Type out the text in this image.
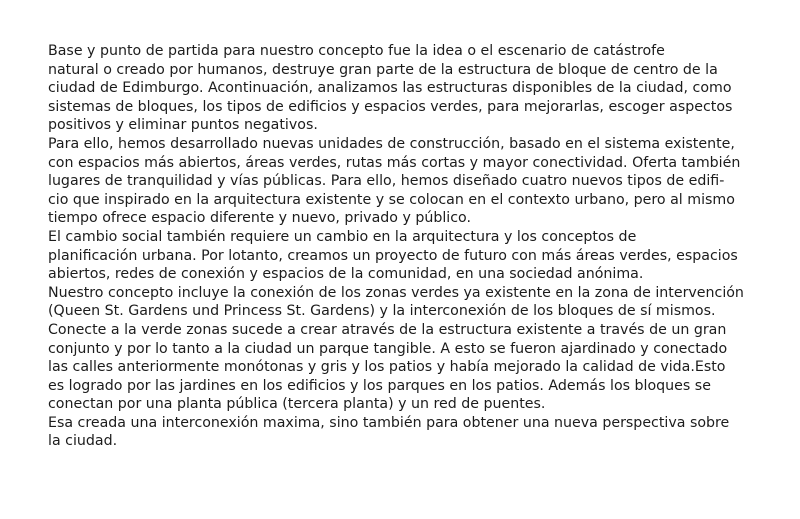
Base y punto de partida para nuestro concepto fue la idea o el escenario de catástrofe
natural o creado por humanos, destruye gran parte de la estructura de bloque de centro de la
ciudad de Edimburgo. Acontinuación, analizamos las estructuras disponibles de la ciudad, como
sistemas de bloques, los tipos de edificios y espacios verdes, para mejorarlas, escoger aspectos
positivos y eliminar puntos negativos.
Para ello, hemos desarrollado nuevas unidades de construcción, basado en el sistema existente,
con espacios más abiertos, áreas verdes, rutas más cortas y mayor conectividad. Oferta también
lugares de tranquilidad y vías públicas. Para ello, hemos diseñado cuatro nuevos tipos de edifi-
cio que inspirado en la arquitectura existente y se colocan en el contexto urbano, pero al mismo
tiempo ofrece espacio diferente y nuevo, privado y público.
El cambio social también requiere un cambio en la arquitectura y los conceptos de
planificación urbana. Por lotanto, creamos un proyecto de futuro con más áreas verdes, espacios
abiertos, redes de conexión y espacios de la comunidad, en una sociedad anónima.
Nuestro concepto incluye la conexión de los zonas verdes ya existente en la zona de intervención
(Queen St. Gardens und Princess St. Gardens) y la interconexión de los bloques de sí mismos.
Conecte a la verde zonas sucede a crear através de la estructura existente a través de un gran
conjunto y por lo tanto a la ciudad un parque tangible. A esto se fueron ajardinado y conectado
las calles anteriormente monótonas y gris y los patios y había mejorado la calidad de vida.Esto
es logrado por las jardines en los edificios y los parques en los patios. Además los bloques se
conectan por una planta pública (tercera planta) y un red de puentes.
Esa creada una interconexión maxima, sino también para obtener una nueva perspectiva sobre
la ciudad.
